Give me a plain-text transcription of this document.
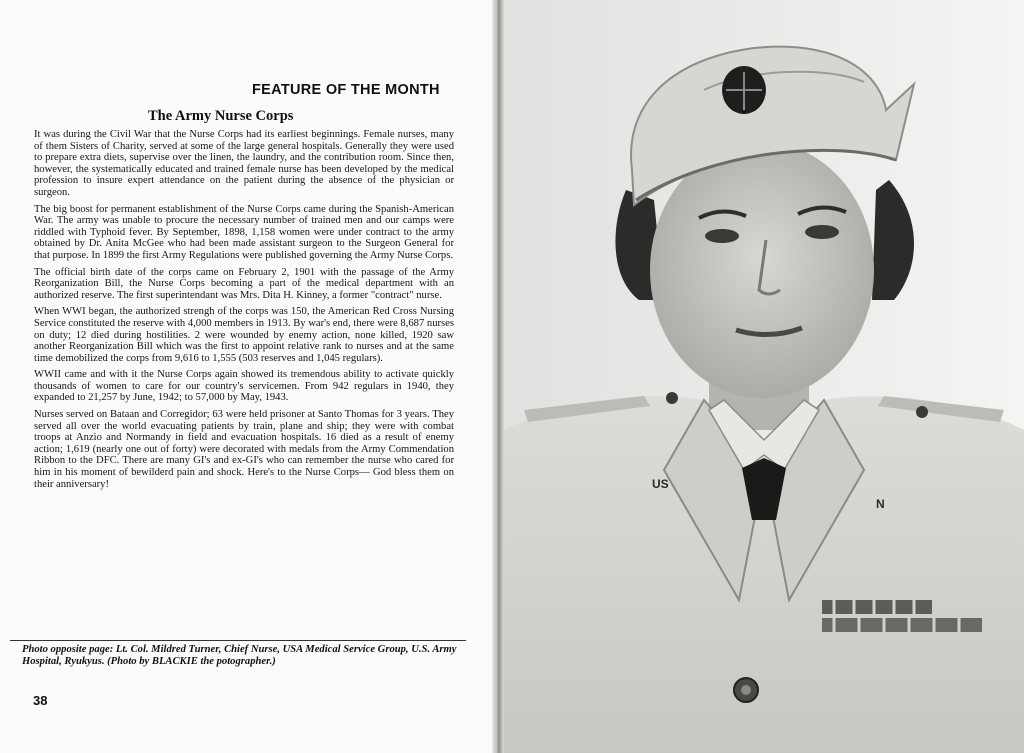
FEATURE OF THE MONTH
The Army Nurse Corps

It was during the Civil War that the Nurse Corps had its earliest beginnings. Female nurses, many of them Sisters of Charity, served at some of the large general hospitals. Generally they were used to prepare extra diets, supervise over the linen, the laundry, and the contribution room. Since then, however, the systematically educated and trained female nurse has been developed by the medical profession to insure expert attendance on the patient during the absence of the physician or surgeon.

The big boost for permanent establishment of the Nurse Corps came during the Spanish-American War. The army was unable to procure the necessary number of trained men and our camps were riddled with Typhoid fever. By September, 1898, 1,158 women were under contract to the army obtained by Dr. Anita McGee who had been made assistant surgeon to the Surgeon General for that purpose. In 1899 the first Army Regulations were published governing the Army Nurse Corps.

The official birth date of the corps came on February 2, 1901 with the passage of the Army Reorganization Bill, the Nurse Corps becoming a part of the medical department with an authorized reserve. The first superintendant was Mrs. Dita H. Kinney, a former "contract" nurse.

When WWI began, the authorized strengh of the corps was 150, the American Red Cross Nursing Service constituted the reserve with 4,000 members in 1913. By war's end, there were 8,687 nurses on duty; 12 died during hostilities. 2 were wounded by enemy action, none killed, 1920 saw another Reorganization Bill which was the first to appoint relative rank to nurses and at the same time demobilized the corps from 9,616 to 1,555 (503 reserves and 1,045 regulars).

WWII came and with it the Nurse Corps again showed its tremendous ability to activate quickly thousands of women to care for our country's servicemen. From 942 regulars in 1940, they expanded to 21,257 by June, 1942; to 57,000 by May, 1943.

Nurses served on Bataan and Corregidor; 63 were held prisoner at Santo Thomas for 3 years. They served all over the world evacuating patients by train, plane and ship; they were with combat troops at Anzio and Normandy in field and evacuation hospitals. 16 died as a result of enemy action; 1,619 (nearly one out of forty) were decorated with medals from the Army Commendation Ribbon to the DFC. There are many GI's and ex-GI's who can remember the nurse who cared for him in his moment of bewilderd pain and shock. Here's to the Nurse Corps— God bless them on their anniversary!

Photo opposite page: Lt. Col. Mildred Turner, Chief Nurse, USA Medical Service Group, U.S. Army Hospital, Ryukyus. (Photo by BLACKIE the potographer.)
38
US
N
